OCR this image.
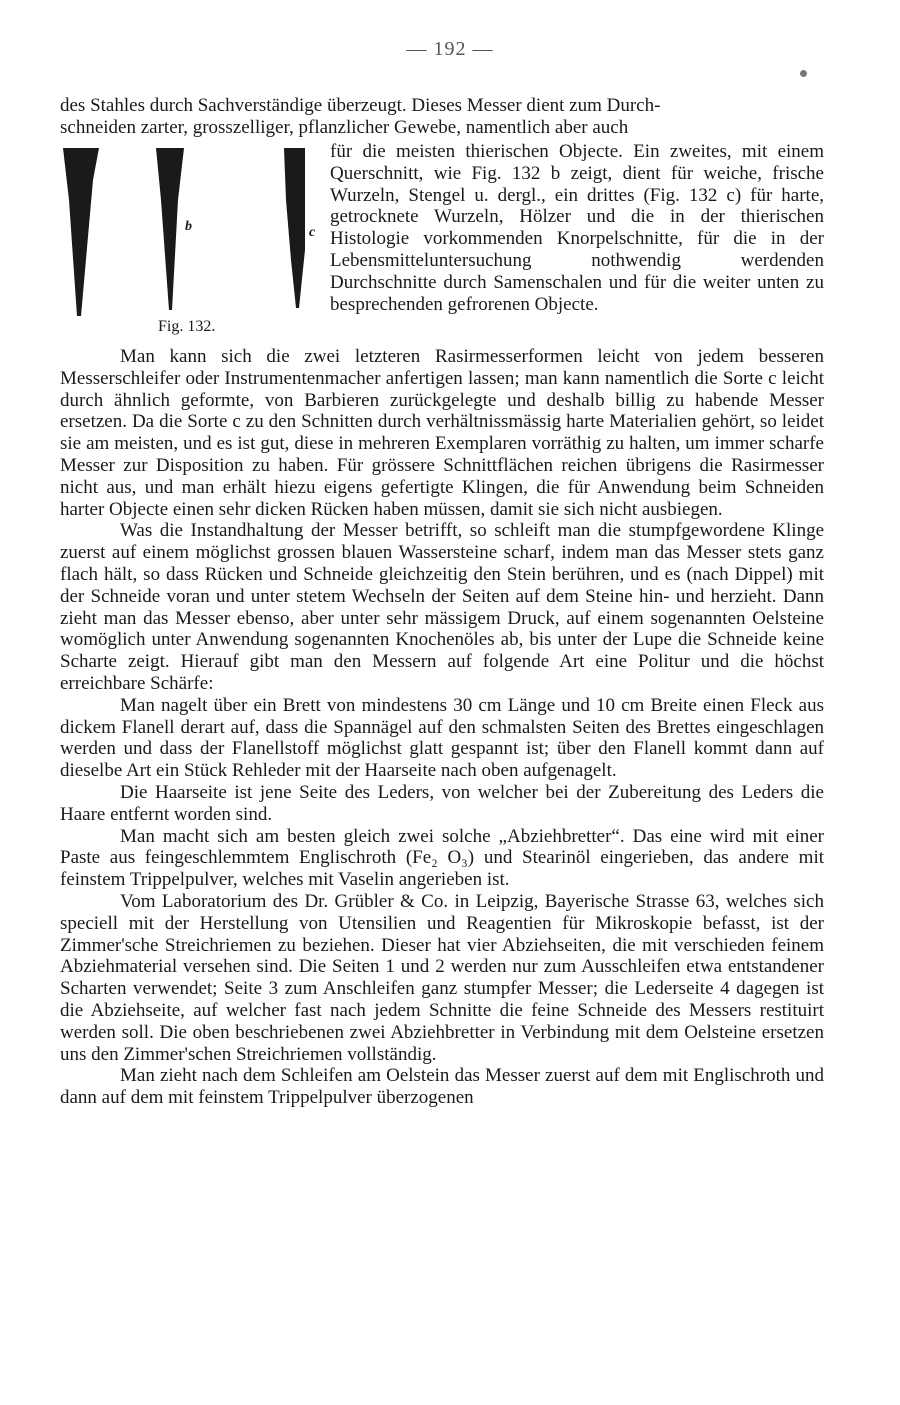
— 192 —

des Stahles durch Sachverständige überzeugt. Dieses Messer dient zum Durch-

schneiden zarter, grosszelliger, pflanzlicher Gewebe, namentlich aber auch

a	b	c
Fig. 132.

für die meisten thierischen Objecte. Ein zweites, mit einem Querschnitt, wie Fig. 132 b zeigt, dient für weiche, frische Wurzeln, Stengel u. dergl., ein drittes (Fig. 132 c) für harte, getrocknete Wurzeln, Hölzer und die in der thierischen Histologie vorkommenden Knorpelschnitte, für die in der Lebensmitteluntersuchung nothwendig werdenden Durchschnitte durch Samenschalen und für die weiter unten zu besprechenden gefrorenen Objecte.

Man kann sich die zwei letzteren Rasirmesserformen leicht von jedem besseren Messerschleifer oder Instrumentenmacher anfertigen lassen; man kann namentlich die Sorte c leicht durch ähnlich geformte, von Barbieren zurückgelegte und deshalb billig zu habende Messer ersetzen. Da die Sorte c zu den Schnitten durch verhältnissmässig harte Materialien gehört, so leidet sie am meisten, und es ist gut, diese in mehreren Exemplaren vorräthig zu halten, um immer scharfe Messer zur Disposition zu haben. Für grössere Schnittflächen reichen übrigens die Rasirmesser nicht aus, und man erhält hiezu eigens gefertigte Klingen, die für Anwendung beim Schneiden harter Objecte einen sehr dicken Rücken haben müssen, damit sie sich nicht ausbiegen.

Was die Instandhaltung der Messer betrifft, so schleift man die stumpfgewordene Klinge zuerst auf einem möglichst grossen blauen Wassersteine scharf, indem man das Messer stets ganz flach hält, so dass Rücken und Schneide gleichzeitig den Stein berühren, und es (nach Dippel) mit der Schneide voran und unter stetem Wechseln der Seiten auf dem Steine hin- und herzieht. Dann zieht man das Messer ebenso, aber unter sehr mässigem Druck, auf einem sogenannten Oelsteine womöglich unter Anwendung sogenannten Knochenöles ab, bis unter der Lupe die Schneide keine Scharte zeigt. Hierauf gibt man den Messern auf folgende Art eine Politur und die höchst erreichbare Schärfe:

Man nagelt über ein Brett von mindestens 30 cm Länge und 10 cm Breite einen Fleck aus dickem Flanell derart auf, dass die Spannägel auf den schmalsten Seiten des Brettes eingeschlagen werden und dass der Flanellstoff möglichst glatt gespannt ist; über den Flanell kommt dann auf dieselbe Art ein Stück Rehleder mit der Haarseite nach oben aufgenagelt.

Die Haarseite ist jene Seite des Leders, von welcher bei der Zubereitung des Leders die Haare entfernt worden sind.

Man macht sich am besten gleich zwei solche „Abziehbretter“. Das eine wird mit einer Paste aus feingeschlemmtem Englischroth (Fe₂ O₃) und Stearinöl eingerieben, das andere mit feinstem Trippelpulver, welches mit Vaselin angerieben ist.

Vom Laboratorium des Dr. Grübler & Co. in Leipzig, Bayerische Strasse 63, welches sich speciell mit der Herstellung von Utensilien und Reagentien für Mikroskopie befasst, ist der Zimmer'sche Streichriemen zu beziehen. Dieser hat vier Abziehseiten, die mit verschieden feinem Abziehmaterial versehen sind. Die Seiten 1 und 2 werden nur zum Ausschleifen etwa entstandener Scharten verwendet; Seite 3 zum Anschleifen ganz stumpfer Messer; die Lederseite 4 dagegen ist die Abziehseite, auf welcher fast nach jedem Schnitte die feine Schneide des Messers restituirt werden soll. Die oben beschriebenen zwei Abziehbretter in Verbindung mit dem Oelsteine ersetzen uns den Zimmer'schen Streichriemen vollständig.

Man zieht nach dem Schleifen am Oelstein das Messer zuerst auf dem mit Englischroth und dann auf dem mit feinstem Trippelpulver überzogenen
